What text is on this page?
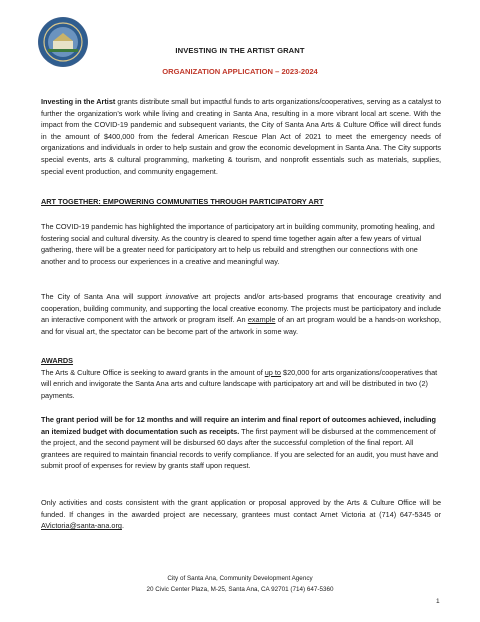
INVESTING IN THE ARTIST GRANT
ORGANIZATION APPLICATION – 2023-2024

Investing in the Artist grants distribute small but impactful funds to arts organizations/cooperatives, serving as a catalyst to further the organization’s work while living and creating in Santa Ana, resulting in a more vibrant local art scene. With the impact from the COVID-19 pandemic and subsequent variants, the City of Santa Ana Arts & Culture Office will direct funds in the amount of $400,000 from the federal American Rescue Plan Act of 2021 to meet the emergency needs of organizations and individuals in order to help sustain and grow the economic development in Santa Ana. The City supports special events, arts & cultural programming, marketing & tourism, and nonprofit essentials such as materials, supplies, special event production, and community engagement.

ART TOGETHER: EMPOWERING COMMUNITIES THROUGH PARTICIPATORY ART

The COVID-19 pandemic has highlighted the importance of participatory art in building community, promoting healing, and fostering social and cultural diversity. As the country is cleared to spend time together again after a few years of virtual gathering, there will be a greater need for participatory art to help us rebuild and strengthen our connections with one another and to process our experiences in a creative and meaningful way.

The City of Santa Ana will support innovative art projects and/or arts-based programs that encourage creativity and cooperation, building community, and supporting the local creative economy. The projects must be participatory and include an interactive component with the artwork or program itself. An example of an art program would be a hands-on workshop, and for visual art, the spectator can be become part of the artwork in some way.

AWARDS

The Arts & Culture Office is seeking to award grants in the amount of up to $20,000 for arts organizations/cooperatives that will enrich and invigorate the Santa Ana arts and culture landscape with participatory art and will be distributed in two (2) payments.

The grant period will be for 12 months and will require an interim and final report of outcomes achieved, including an itemized budget with documentation such as receipts. The first payment will be disbursed at the commencement of the project, and the second payment will be disbursed 60 days after the successful completion of the final report. All grantees are required to maintain financial records to verify compliance. If you are selected for an audit, you must have and submit proof of expenses for review by grants staff upon request.

Only activities and costs consistent with the grant application or proposal approved by the Arts & Culture Office will be funded. If changes in the awarded project are necessary, grantees must contact Arnet Victoria at (714) 647-5345 or AVictoria@santa-ana.org.

City of Santa Ana, Community Development Agency
20 Civic Center Plaza, M-25, Santa Ana, CA 92701 (714) 647-5360
1
